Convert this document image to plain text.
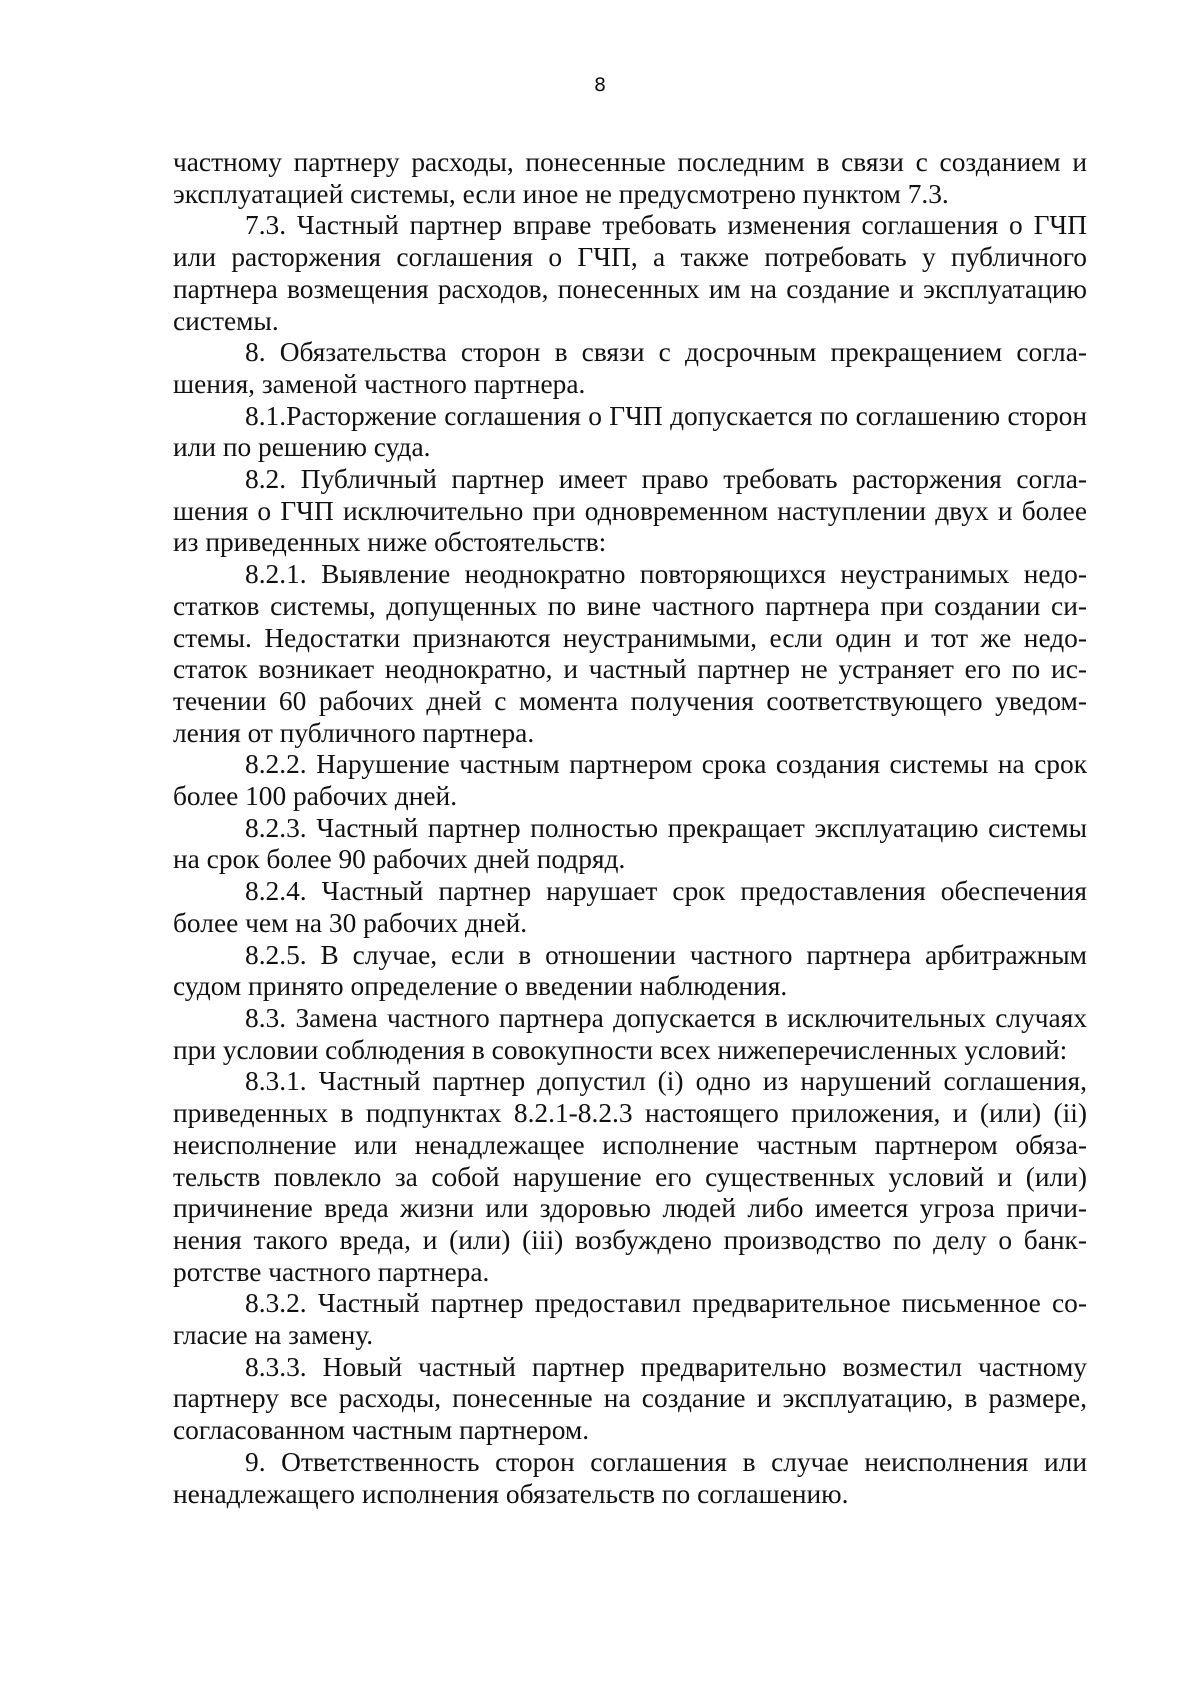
8

частному партнеру расходы, понесенные последним в связи с созданием и эксплуатацией системы, если иное не предусмотрено пунктом 7.3.

7.3. Частный партнер вправе требовать изменения соглашения о ГЧП или расторжения соглашения о ГЧП, а также потребовать у публичного партнера возмещения расходов, понесенных им на создание и эксплуатацию системы.

8. Обязательства сторон в связи с досрочным прекращением соглашения, заменой частного партнера.

8.1.Расторжение соглашения о ГЧП допускается по соглашению сторон или по решению суда.

8.2. Публичный партнер имеет право требовать расторжения соглашения о ГЧП исключительно при одновременном наступлении двух и более из приведенных ниже обстоятельств:

8.2.1. Выявление неоднократно повторяющихся неустранимых недостатков системы, допущенных по вине частного партнера при создании системы. Недостатки признаются неустранимыми, если один и тот же недостаток возникает неоднократно, и частный партнер не устраняет его по истечении 60 рабочих дней с момента получения соответствующего уведомления от публичного партнера.

8.2.2. Нарушение частным партнером срока создания системы на срок более 100 рабочих дней.

8.2.3. Частный партнер полностью прекращает эксплуатацию системы на срок более 90 рабочих дней подряд.

8.2.4. Частный партнер нарушает срок предоставления обеспечения более чем на 30 рабочих дней.

8.2.5. В случае, если в отношении частного партнера арбитражным судом принято определение о введении наблюдения.

8.3. Замена частного партнера допускается в исключительных случаях при условии соблюдения в совокупности всех нижеперечисленных условий:

8.3.1. Частный партнер допустил (i) одно из нарушений соглашения, приведенных в подпунктах 8.2.1-8.2.3 настоящего приложения, и (или) (ii) неисполнение или ненадлежащее исполнение частным партнером обязательств повлекло за собой нарушение его существенных условий и (или) причинение вреда жизни или здоровью людей либо имеется угроза причинения такого вреда, и (или) (iii) возбуждено производство по делу о банкротстве частного партнера.

8.3.2. Частный партнер предоставил предварительное письменное согласие на замену.

8.3.3. Новый частный партнер предварительно возместил частному партнеру все расходы, понесенные на создание и эксплуатацию, в размере, согласованном частным партнером.

9. Ответственность сторон соглашения в случае неисполнения или ненадлежащего исполнения обязательств по соглашению.
